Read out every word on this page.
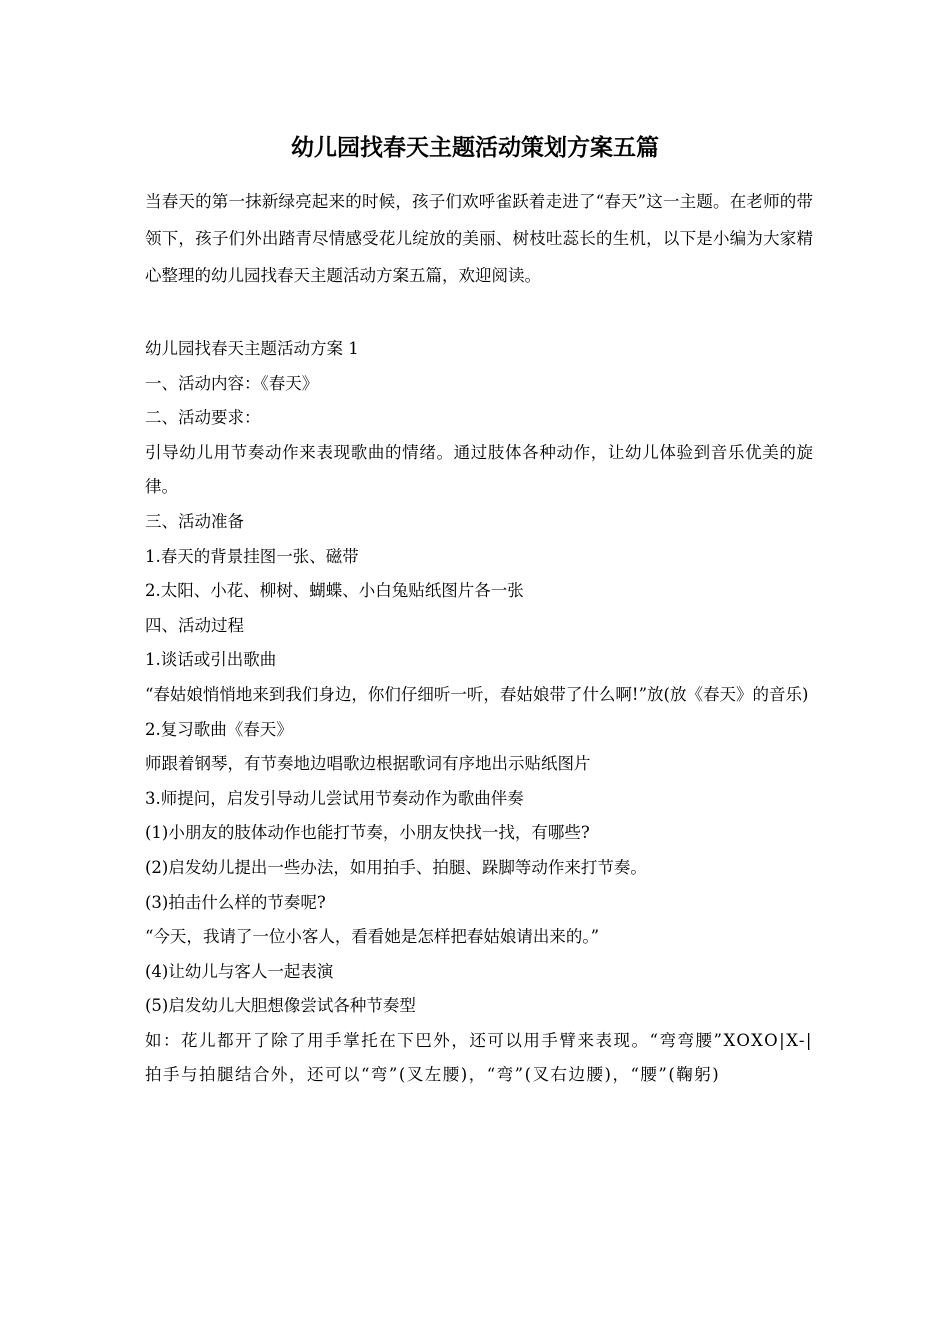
幼儿园找春天主题活动策划方案五篇

当春天的第一抹新绿亮起来的时候，孩子们欢呼雀跃着走进了“春天”这一主题。在老师的带领下，孩子们外出踏青尽情感受花儿绽放的美丽、树枝吐蕊长的生机，以下是小编为大家精心整理的幼儿园找春天主题活动方案五篇，欢迎阅读。

幼儿园找春天主题活动方案 1

一、活动内容：《春天》

二、活动要求：

引导幼儿用节奏动作来表现歌曲的情绪。通过肢体各种动作，让幼儿体验到音乐优美的旋律。

三、活动准备

1.春天的背景挂图一张、磁带

2.太阳、小花、柳树、蝴蝶、小白兔贴纸图片各一张

四、活动过程

1.谈话或引出歌曲

“春姑娘悄悄地来到我们身边，你们仔细听一听，春姑娘带了什么啊!”放(放《春天》的音乐)

2.复习歌曲《春天》

师跟着钢琴，有节奏地边唱歌边根据歌词有序地出示贴纸图片

3.师提问，启发引导动儿尝试用节奏动作为歌曲伴奏

(1)小朋友的肢体动作也能打节奏，小朋友快找一找，有哪些?

(2)启发幼儿提出一些办法，如用拍手、拍腿、跺脚等动作来打节奏。

(3)拍击什么样的节奏呢?

“今天，我请了一位小客人，看看她是怎样把春姑娘请出来的。”

(4)让幼儿与客人一起表演

(5)启发幼儿大胆想像尝试各种节奏型

如：花儿都开了除了用手掌托在下巴外，还可以用手臂来表现。“弯弯腰”XOXO|X-|拍手与拍腿结合外，还可以“弯”(叉左腰)，“弯”(叉右边腰)，“腰”(鞠躬)
